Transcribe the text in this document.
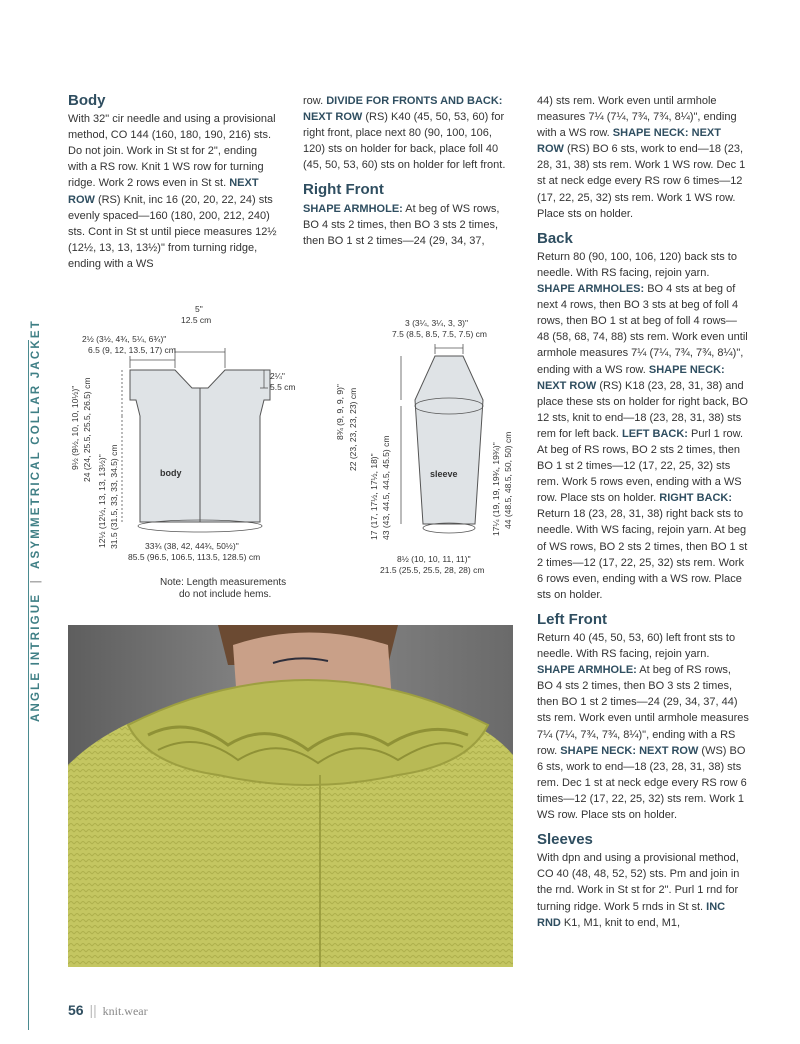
ANGLE INTRIGUE | ASYMMETRICAL COLLAR JACKET
Body

With 32" cir needle and using a provisional method, CO 144 (160, 180, 190, 216) sts. Do not join. Work in St st for 2", ending with a RS row. Knit 1 WS row for turning ridge. Work 2 rows even in St st. NEXT ROW (RS) Knit, inc 16 (20, 20, 22, 24) sts evenly spaced—160 (180, 200, 212, 240) sts. Cont in St st until piece measures 12½ (12½, 13, 13, 13½)" from turning ridge, ending with a WS

row. DIVIDE FOR FRONTS AND BACK: NEXT ROW (RS) K40 (45, 50, 53, 60) for right front, place next 80 (90, 100, 106, 120) sts on holder for back, place foll 40 (45, 50, 53, 60) sts on holder for left front.

Right Front

SHAPE ARMHOLE: At beg of WS rows, BO 4 sts 2 times, then BO 3 sts 2 times, then BO 1 st 2 times—24 (29, 34, 37,

44) sts rem. Work even until armhole measures 7¼ (7¼, 7¾, 7¾, 8¼)", ending with a WS row. SHAPE NECK: NEXT ROW (RS) BO 6 sts, work to end—18 (23, 28, 31, 38) sts rem. Work 1 WS row. Dec 1 st at neck edge every RS row 6 times—12 (17, 22, 25, 32) sts rem. Work 1 WS row. Place sts on holder.

Back

Return 80 (90, 100, 106, 120) back sts to needle. With RS facing, rejoin yarn. SHAPE ARMHOLES: BO 4 sts at beg of next 4 rows, then BO 3 sts at beg of foll 4 rows, then BO 1 st at beg of foll 4 rows—48 (58, 68, 74, 88) sts rem. Work even until armhole measures 7¼ (7¼, 7¾, 7¾, 8¼)", ending with a WS row. SHAPE NECK: NEXT ROW (RS) K18 (23, 28, 31, 38) and place these sts on holder for right back, BO 12 sts, knit to end—18 (23, 28, 31, 38) sts rem for left back. LEFT BACK: Purl 1 row. At beg of RS rows, BO 2 sts 2 times, then BO 1 st 2 times—12 (17, 22, 25, 32) sts rem. Work 5 rows even, ending with a WS row. Place sts on holder. RIGHT BACK: Return 18 (23, 28, 31, 38) right back sts to needle. With WS facing, rejoin yarn. At beg of WS rows, BO 2 sts 2 times, then BO 1 st 2 times—12 (17, 22, 25, 32) sts rem. Work 6 rows even, ending with a WS row. Place sts on holder.

Left Front

Return 40 (45, 50, 53, 60) left front sts to needle. With RS facing, rejoin yarn. SHAPE ARMHOLE: At beg of RS rows, BO 4 sts 2 times, then BO 3 sts 2 times, then BO 1 st 2 times—24 (29, 34, 37, 44) sts rem. Work even until armhole measures 7¼ (7¼, 7¾, 7¾, 8¼)", ending with a RS row. SHAPE NECK: NEXT ROW (WS) BO 6 sts, work to end—18 (23, 28, 31, 38) sts rem. Dec 1 st at neck edge every RS row 6 times—12 (17, 22, 25, 32) sts rem. Work 1 WS row. Place sts on holder.

Sleeves

With dpn and using a provisional method, CO 40 (48, 48, 52, 52) sts. Pm and join in the rnd. Work in St st for 2". Purl 1 rnd for turning ridge. Work 5 rnds in St st. INC RND K1, M1, knit to end, M1,

5"
12.5 cm
2½ (3½, 4¾, 5¼, 6¾)"
6.5 (9, 12, 13.5, 17) cm
2¼"
5.5 cm
9½ (9½, 10, 10, 10½)" 24 (24, 25.5, 25.5, 26.5) cm
12½ (12½, 13, 13, 13½)" 31.5 (31.5, 33, 33, 34.5) cm	body
33¾ (38, 42, 44¾, 50½)"
85.5 (96.5, 106.5, 113.5, 128.5) cm
Note: Length measurements
do not include hems.
3 (3¼, 3¼, 3, 3)"
7.5 (8.5, 8.5, 7.5, 7.5) cm
8¾ (9, 9, 9, 9)" 22 (23, 23, 23, 23) cm
17 (17, 17½, 17½, 18)" 43 (43, 44.5, 44.5, 45.5) cm	17¼ (19, 19, 19¾, 19¾)" 44 (48.5, 48.5, 50, 50) cm
sleeve
8½ (10, 10, 11, 11)"
21.5 (25.5, 25.5, 28, 28) cm
56 || knit.wear
